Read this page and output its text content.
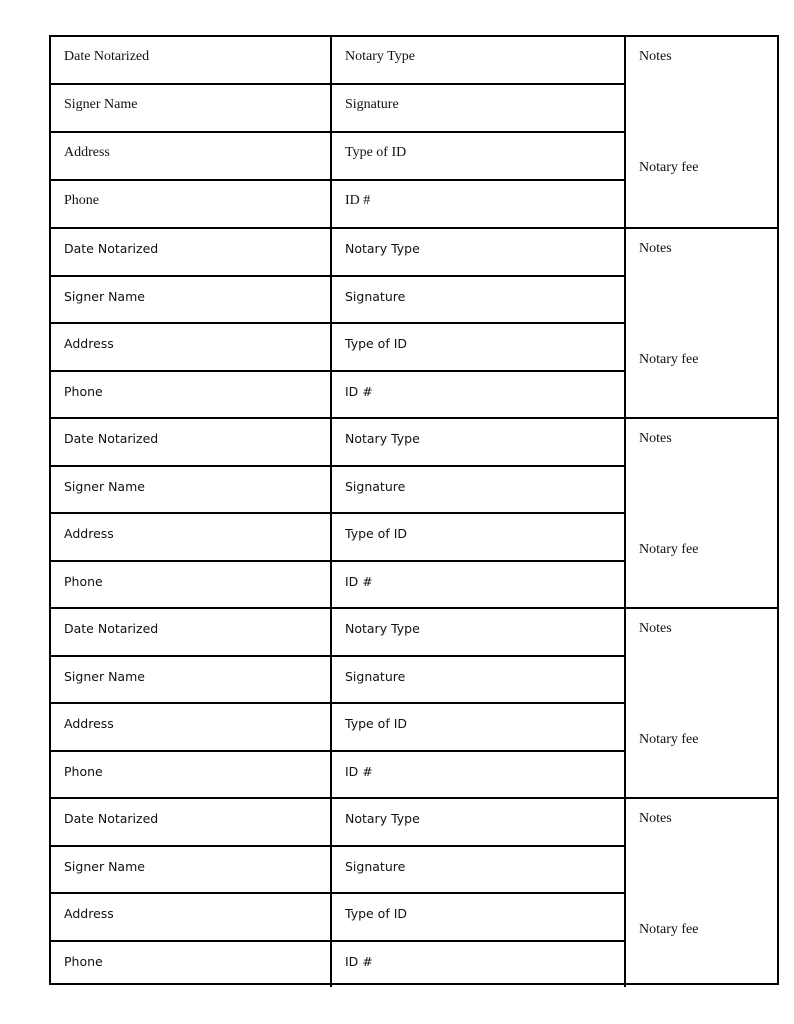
Date Notarized
Signer Name
Address
Phone
Notary Type
Signature
Type of ID
ID #
Notes
Notary fee
Date Notarized
Signer Name
Address
Phone
Notary Type
Signature
Type of ID
ID #
Notes
Notary fee
Date Notarized
Signer Name
Address
Phone
Notary Type
Signature
Type of ID
ID #
Notes
Notary fee
Date Notarized
Signer Name
Address
Phone
Notary Type
Signature
Type of ID
ID #
Notes
Notary fee
Date Notarized
Signer Name
Address
Phone
Notary Type
Signature
Type of ID
ID #
Notes
Notary fee
